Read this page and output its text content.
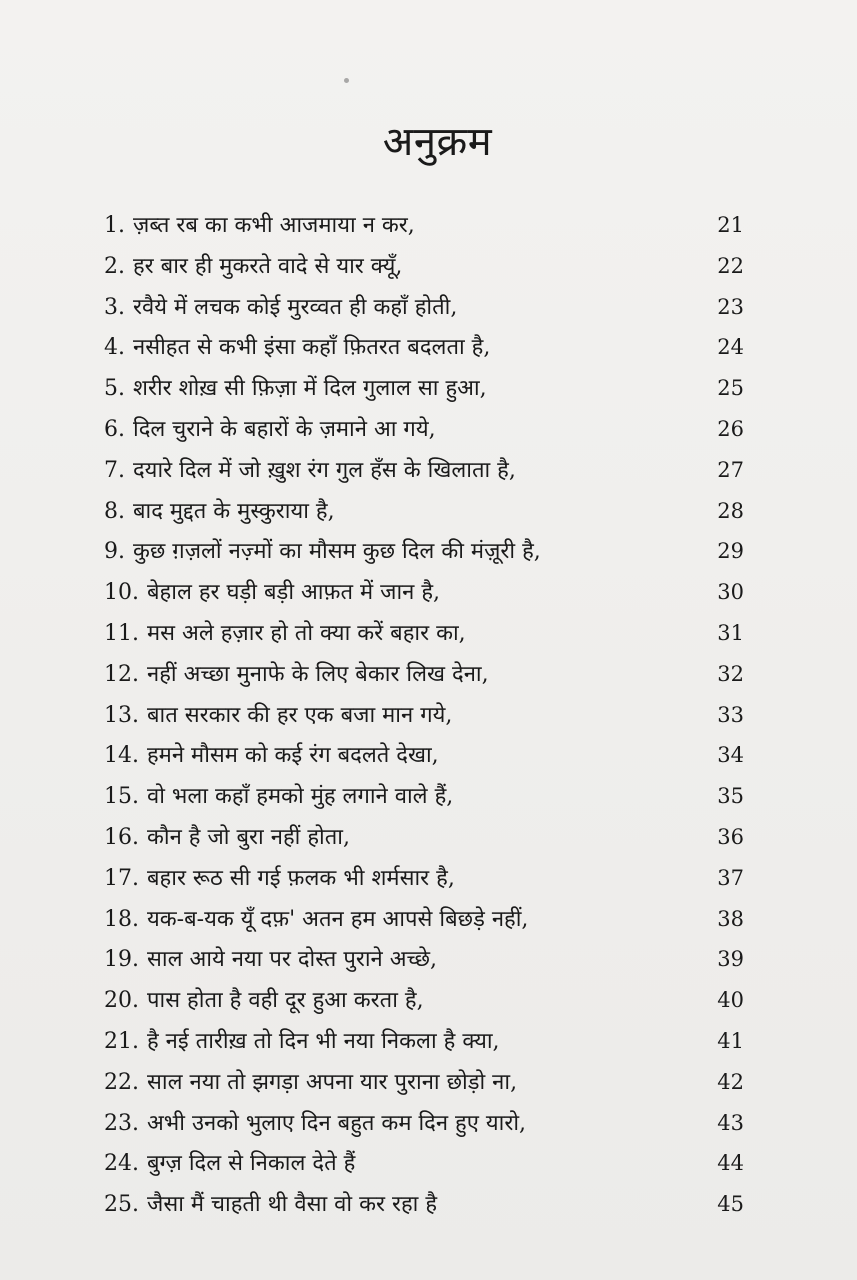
अनुक्रम
1. ज़ब्त रब का कभी आजमाया न कर,	21
2. हर बार ही मुकरते वादे से यार क्यूँ,	22
3. रवैये में लचक कोई मुरव्वत ही कहाँ होती,	23
4. नसीहत से कभी इंसा कहाँ फ़ितरत बदलता है,	24
5. शरीर शोख़ सी फ़िज़ा में दिल गुलाल सा हुआ,	25
6. दिल चुराने के बहारों के ज़माने आ गये,	26
7. दयारे दिल में जो ख़ुश रंग गुल हँस के खिलाता है,	27
8. बाद मुद्दत के मुस्कुराया है,	28
9. कुछ ग़ज़लों नज़्मों का मौसम कुछ दिल की मंज़ूरी है,	29
10. बेहाल हर घड़ी बड़ी आफ़त में जान है,	30
11. मस अले हज़ार हो तो क्या करें बहार का,	31
12. नहीं अच्छा मुनाफे के लिए बेकार लिख देना,	32
13. बात सरकार की हर एक बजा मान गये,	33
14. हमने मौसम को कई रंग बदलते देखा,	34
15. वो भला कहाँ हमको मुंह लगाने वाले हैं,	35
16. कौन है जो बुरा नहीं होता,	36
17. बहार रूठ सी गई फ़लक भी शर्मसार है,	37
18. यक-ब-यक यूँ दफ़' अतन हम आपसे बिछड़े नहीं,	38
19. साल आये नया पर दोस्त पुराने अच्छे,	39
20. पास होता है वही दूर हुआ करता है,	40
21. है नई तारीख़ तो दिन भी नया निकला है क्या,	41
22. साल नया तो झगड़ा अपना यार पुराना छोड़ो ना,	42
23. अभी उनको भुलाए दिन बहुत कम दिन हुए यारो,	43
24. बुग्ज़ दिल से निकाल देते हैं	44
25. जैसा मैं चाहती थी वैसा वो कर रहा है	45
